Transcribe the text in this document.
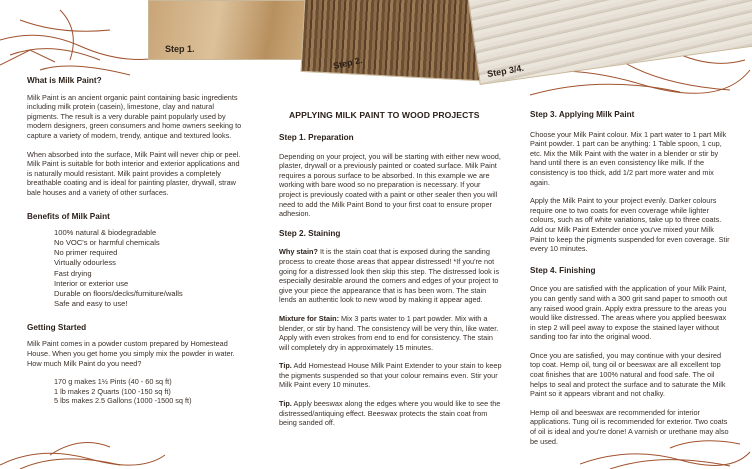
Step 1.
Step 2.	Step 3/4.
APPLYING MILK PAINT TO WOOD PROJECTS
What is Milk Paint?

Milk Paint is an ancient organic paint containing basic ingredients including milk protein (casein), limestone, clay and natural pigments. The result is a very durable paint popularly used by modern designers, green consumers and home owners seeking to capture a variety of modern, trendy, antique and textured looks.

When absorbed into the surface, Milk Paint will never chip or peel. Milk Paint is suitable for both interior and exterior applications and is naturally mould resistant. Milk paint provides a completely breathable coating and is ideal for painting plaster, drywall, straw bale houses and a variety of other surfaces.

Benefits of Milk Paint
100% natural & biodegradable
No VOC's or harmful chemicals
No primer required
Virtually odourless
Fast drying
Interior or exterior use
Durable on floors/decks/furniture/walls
Safe and easy to use!
Getting Started

Milk Paint comes in a powder custom prepared by Homestead House. When you get home you simply mix the powder in water. How much Milk Paint do you need?

170 g makes 1½ Pints (40 - 60 sq ft)
1 lb makes 2 Quarts (100 -150 sq ft)
5 lbs makes 2.5 Gallons (1000 -1500 sq ft)
Step 1. Preparation

Depending on your project, you will be starting with either new wood, plaster, drywall or a previously painted or coated surface. Milk Paint requires a porous surface to be absorbed. In this example we are working with bare wood so no preparation is necessary. If your project is previously coated with a paint or other sealer then you will need to add the Milk Paint Bond to your first coat to ensure proper adhesion.

Step 2. Staining

Why stain? It is the stain coat that is exposed during the sanding process to create those areas that appear distressed! *If you're not going for a distressed look then skip this step. The distressed look is especially desirable around the corners and edges of your project to give your piece the appearance that is has been worn. The stain lends an authentic look to new wood by making it appear aged.

Mixture for Stain: Mix 3 parts water to 1 part powder. Mix with a blender, or stir by hand. The consistency will be very thin, like water. Apply with even strokes from end to end for consistency. The stain will completely dry in approximately 15 minutes.

Tip. Add Homestead House Milk Paint Extender to your stain to keep the pigments suspended so that your colour remains even. Stir your Milk Paint every 10 minutes.

Tip. Apply beeswax along the edges where you would like to see the distressed/antiquing effect. Beeswax protects the stain coat from being sanded off.

Step 3. Applying Milk Paint

Choose your Milk Paint colour. Mix 1 part water to 1 part Milk Paint powder. 1 part can be anything: 1 Table spoon, 1 cup, etc. Mix the Milk Paint with the water in a blender or stir by hand until there is an even consistency like milk. If the consistency is too thick, add 1/2 part more water and mix again.

Apply the Milk Paint to your project evenly. Darker colours require one to two coats for even coverage while lighter colours, such as off white variations, take up to three coats. Add our Milk Paint Extender once you've mixed your Milk Paint to keep the pigments suspended for even coverage. Stir every 10 minutes.

Step 4. Finishing

Once you are satisfied with the application of your Milk Paint, you can gently sand with a 300 grit sand paper to smooth out any raised wood grain. Apply extra pressure to the areas you would like distressed. The areas where you applied beeswax in step 2 will peel away to expose the stained layer without sanding too far into the original wood.

Once you are satisfied, you may continue with your desired top coat. Hemp oil, tung oil or beeswax are all excellent top coat finishes that are 100% natural and food safe. The oil helps to seal and protect the surface and to saturate the Milk Paint so it appears vibrant and not chalky.

Hemp oil and beeswax are recommended for interior applications. Tung oil is recommended for exterior. Two coats of oil is ideal and you're done! A varnish or urethane may also be used.
